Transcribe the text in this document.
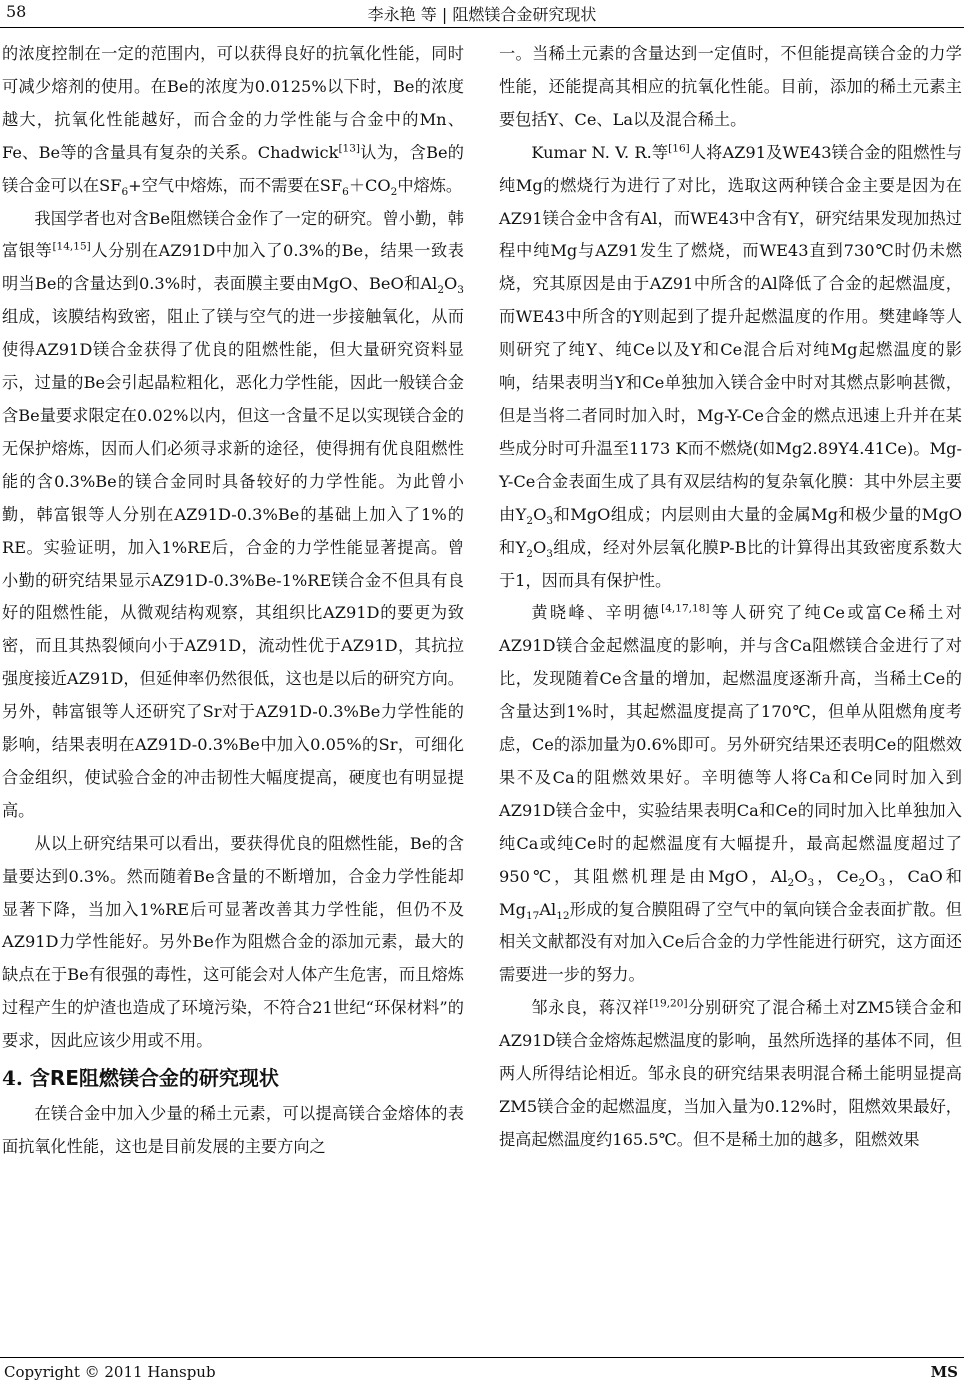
58	李永艳 等 | 阻燃镁合金研究现状

的浓度控制在一定的范围内，可以获得良好的抗氧化性能，同时可减少熔剂的使用。在Be的浓度为0.0125%以下时，Be的浓度越大，抗氧化性能越好，而合金的力学性能与合金中的Mn、Fe、Be等的含量具有复杂的关系。Chadwick[13]认为，含Be的镁合金可以在$SF_6+$空气中熔炼，而不需要在$SF_6+CO_2$中熔炼。

我国学者也对含Be阻燃镁合金作了一定的研究。曾小勤，韩富银等[14,15]人分别在AZ91D中加入了0.3%的Be，结果一致表明当Be的含量达到0.3%时，表面膜主要由MgO、BeO和$Al_2O_3$组成，该膜结构致密，阻止了镁与空气的进一步接触氧化，从而使得AZ91D镁合金获得了优良的阻燃性能，但大量研究资料显示，过量的Be会引起晶粒粗化，恶化力学性能，因此一般镁合金含Be量要求限定在0.02%以内，但这一含量不足以实现镁合金的无保护熔炼，因而人们必须寻求新的途径，使得拥有优良阻燃性能的含0.3%Be的镁合金同时具备较好的力学性能。为此曾小勤，韩富银等人分别在AZ91D-0.3%Be的基础上加入了1%的RE。实验证明，加入1%RE后，合金的力学性能显著提高。曾小勤的研究结果显示AZ91D-0.3%Be-1%RE镁合金不但具有良好的阻燃性能，从微观结构观察，其组织比AZ91D的要更为致密，而且其热裂倾向小于AZ91D，流动性优于AZ91D，其抗拉强度接近AZ91D，但延伸率仍然很低，这也是以后的研究方向。另外，韩富银等人还研究了Sr对于AZ91D-0.3%Be力学性能的影响，结果表明在AZ91D-0.3%Be中加入0.05%的Sr，可细化合金组织，使试验合金的冲击韧性大幅度提高，硬度也有明显提高。

从以上研究结果可以看出，要获得优良的阻燃性能，Be的含量要达到0.3%。然而随着Be含量的不断增加，合金力学性能却显著下降，当加入1%RE后可显著改善其力学性能，但仍不及AZ91D力学性能好。另外Be作为阻燃合金的添加元素，最大的缺点在于Be有很强的毒性，这可能会对人体产生危害，而且熔炼过程产生的炉渣也造成了环境污染，不符合21世纪“环保材料”的要求，因此应该少用或不用。

4. 含RE阻燃镁合金的研究现状

在镁合金中加入少量的稀土元素，可以提高镁合金熔体的表面抗氧化性能，这也是目前发展的主要方向之

一。当稀土元素的含量达到一定值时，不但能提高镁合金的力学性能，还能提高其相应的抗氧化性能。目前，添加的稀土元素主要包括Y、Ce、La以及混合稀土。

Kumar N. V. R.等[16]人将AZ91及WE43镁合金的阻燃性与纯Mg的燃烧行为进行了对比，选取这两种镁合金主要是因为在AZ91镁合金中含有Al，而WE43中含有Y，研究结果发现加热过程中纯Mg与AZ91发生了燃烧，而WE43直到730℃时仍未燃烧，究其原因是由于AZ91中所含的Al降低了合金的起燃温度，而WE43中所含的Y则起到了提升起燃温度的作用。樊建峰等人则研究了纯Y、纯Ce以及Y和Ce混合后对纯Mg起燃温度的影响，结果表明当Y和Ce单独加入镁合金中时对其燃点影响甚微，但是当将二者同时加入时，Mg-Y-Ce合金的燃点迅速上升并在某些成分时可升温至1173 K而不燃烧(如Mg2.89Y4.41Ce)。Mg-Y-Ce合金表面生成了具有双层结构的复杂氧化膜：其中外层主要由$Y_2O_3$和MgO组成；内层则由大量的金属Mg和极少量的MgO和$Y_2O_3$组成，经对外层氧化膜P-B比的计算得出其致密度系数大于1，因而具有保护性。

黄晓峰、辛明德[4,17,18]等人研究了纯Ce或富Ce稀土对AZ91D镁合金起燃温度的影响，并与含Ca阻燃镁合金进行了对比，发现随着Ce含量的增加，起燃温度逐渐升高，当稀土Ce的含量达到1%时，其起燃温度提高了170℃，但单从阻燃角度考虑，Ce的添加量为0.6%即可。另外研究结果还表明Ce的阻燃效果不及Ca的阻燃效果好。辛明德等人将Ca和Ce同时加入到AZ91D镁合金中，实验结果表明Ca和Ce的同时加入比单独加入纯Ca或纯Ce时的起燃温度有大幅提升，最高起燃温度超过了950℃，其阻燃机理是由MgO，$Al_2O_3$，$Ce_2O_3$，CaO和$Mg_{17}Al_{12}$形成的复合膜阻碍了空气中的氧向镁合金表面扩散。但相关文献都没有对加入Ce后合金的力学性能进行研究，这方面还需要进一步的努力。

邹永良，蒋汉祥[19,20]分别研究了混合稀土对ZM5镁合金和AZ91D镁合金熔炼起燃温度的影响，虽然所选择的基体不同，但两人所得结论相近。邹永良的研究结果表明混合稀土能明显提高ZM5镁合金的起燃温度，当加入量为0.12%时，阻燃效果最好，提高起燃温度约165.5℃。但不是稀土加的越多，阻燃效果

Copyright © 2011 Hanspub	MS
